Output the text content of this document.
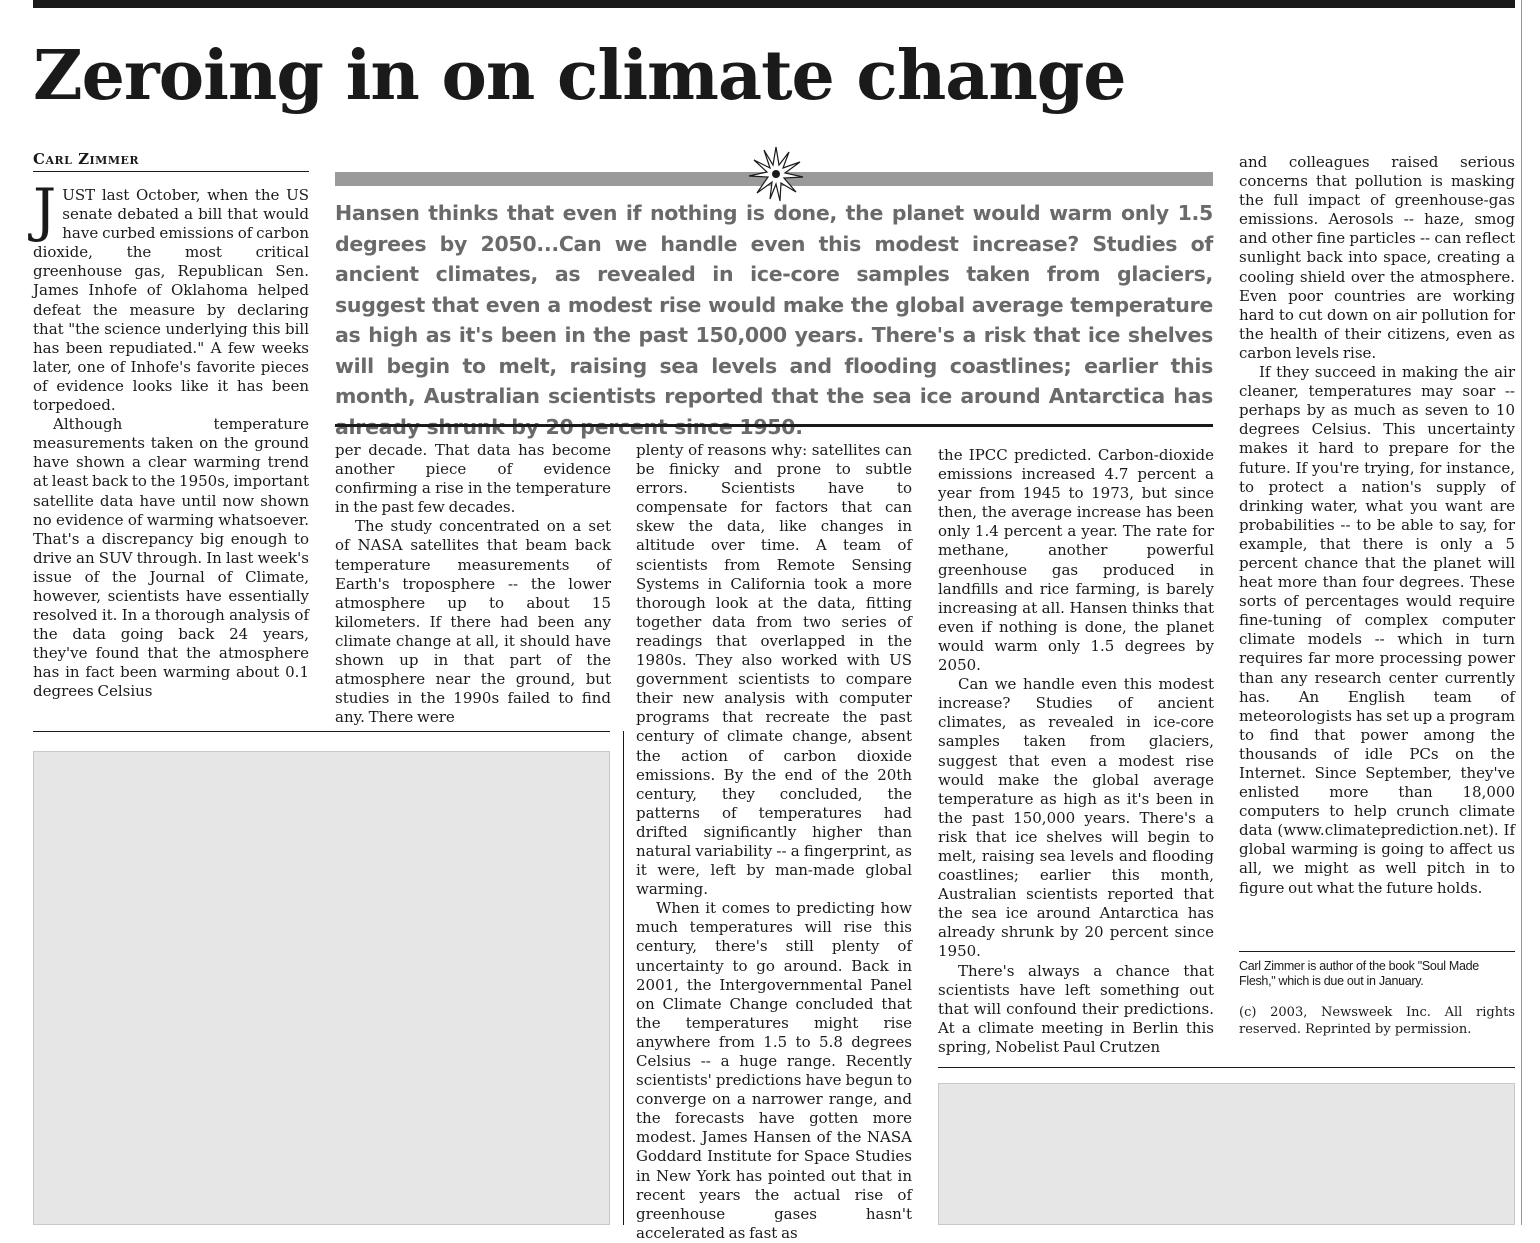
Zeroing in on climate change
Carl Zimmer

JUST last October, when the US senate debated a bill that would have curbed emissions of carbon dioxide, the most critical greenhouse gas, Republican Sen. James Inhofe of Oklahoma helped defeat the measure by declaring that "the science underlying this bill has been repudiated." A few weeks later, one of Inhofe's favorite pieces of evidence looks like it has been torpedoed.

Although temperature measurements taken on the ground have shown a clear warming trend at least back to the 1950s, important satellite data have until now shown no evidence of warming whatsoever. That's a discrepancy big enough to drive an SUV through. In last week's issue of the Journal of Climate, however, scientists have essentially resolved it. In a thorough analysis of the data going back 24 years, they've found that the atmosphere has in fact been warming about 0.1 degrees Celsius

Hansen thinks that even if nothing is done, the planet would warm only 1.5 degrees by 2050...Can we handle even this modest increase? Studies of ancient climates, as revealed in ice-core samples taken from glaciers, suggest that even a modest rise would make the global average temperature as high as it's been in the past 150,000 years. There's a risk that ice shelves will begin to melt, raising sea levels and flooding coastlines; earlier this month, Australian scientists reported that the sea ice around Antarctica has

per decade. That data has become another piece of evidence confirming a rise in the temperature in the past few decades.

The study concentrated on a set of NASA satellites that beam back temperature measurements of Earth's troposphere -- the lower atmosphere up to about 15 kilometers. If there had been any climate change at all, it should have shown up in that part of the atmosphere near the ground, but studies in the 1990s failed to find any. There were

plenty of reasons why: satellites can be finicky and prone to subtle errors. Scientists have to compensate for factors that can skew the data, like changes in altitude over time. A team of scientists from Remote Sensing Systems in California took a more thorough look at the data, fitting together data from two series of readings that overlapped in the 1980s. They also worked with US government scientists to compare their new analysis with computer programs that recreate the past century of climate change, absent the action of carbon dioxide emissions. By the end of the 20th century, they concluded, the patterns of temperatures had drifted significantly higher than natural variability -- a fingerprint, as it were, left by man-made global warming.

When it comes to predicting how much temperatures will rise this century, there's still plenty of uncertainty to go around. Back in 2001, the Intergovernmental Panel on Climate Change concluded that the temperatures might rise anywhere from 1.5 to 5.8 degrees Celsius -- a huge range. Recently scientists' predictions have begun to converge on a narrower range, and the forecasts have gotten more modest. James Hansen of the NASA Goddard Institute for Space Studies in New York has pointed out that in recent years the actual rise of greenhouse gases hasn't accelerated as fast as

the IPCC predicted. Carbon-dioxide emissions increased 4.7 percent a year from 1945 to 1973, but since then, the average increase has been only 1.4 percent a year. The rate for methane, another powerful greenhouse gas produced in landfills and rice farming, is barely increasing at all. Hansen thinks that even if nothing is done, the planet would warm only 1.5 degrees by 2050.

Can we handle even this modest increase? Studies of ancient climates, as revealed in ice-core samples taken from glaciers, suggest that even a modest rise would make the global average temperature as high as it's been in the past 150,000 years. There's a risk that ice shelves will begin to melt, raising sea levels and flooding coastlines; earlier this month, Australian scientists reported that the sea ice around Antarctica has already shrunk by 20 percent since 1950.

There's always a chance that scientists have left something out that will confound their predictions. At a climate meeting in Berlin this spring, Nobelist Paul Crutzen

and colleagues raised serious concerns that pollution is masking the full impact of greenhouse-gas emissions. Aerosols -- haze, smog and other fine particles -- can reflect sunlight back into space, creating a cooling shield over the atmosphere. Even poor countries are working hard to cut down on air pollution for the health of their citizens, even as carbon levels rise.

If they succeed in making the air cleaner, temperatures may soar -- perhaps by as much as seven to 10 degrees Celsius. This uncertainty makes it hard to prepare for the future. If you're trying, for instance, to protect a nation's supply of drinking water, what you want are probabilities -- to be able to say, for example, that there is only a 5 percent chance that the planet will heat more than four degrees. These sorts of percentages would require fine-tuning of complex computer climate models -- which in turn requires far more processing power than any research center currently has. An English team of meteorologists has set up a program to find that power among the thousands of idle PCs on the Internet. Since September, they've enlisted more than 18,000 computers to help crunch climate data (www.climateprediction.net). If global warming is going to affect us all, we might as well pitch in to figure out what the future holds.

Carl Zimmer is author of the book "Soul Made Flesh," which is due out in January.
(c) 2003, Newsweek Inc. All rights reserved. Reprinted by permission.
